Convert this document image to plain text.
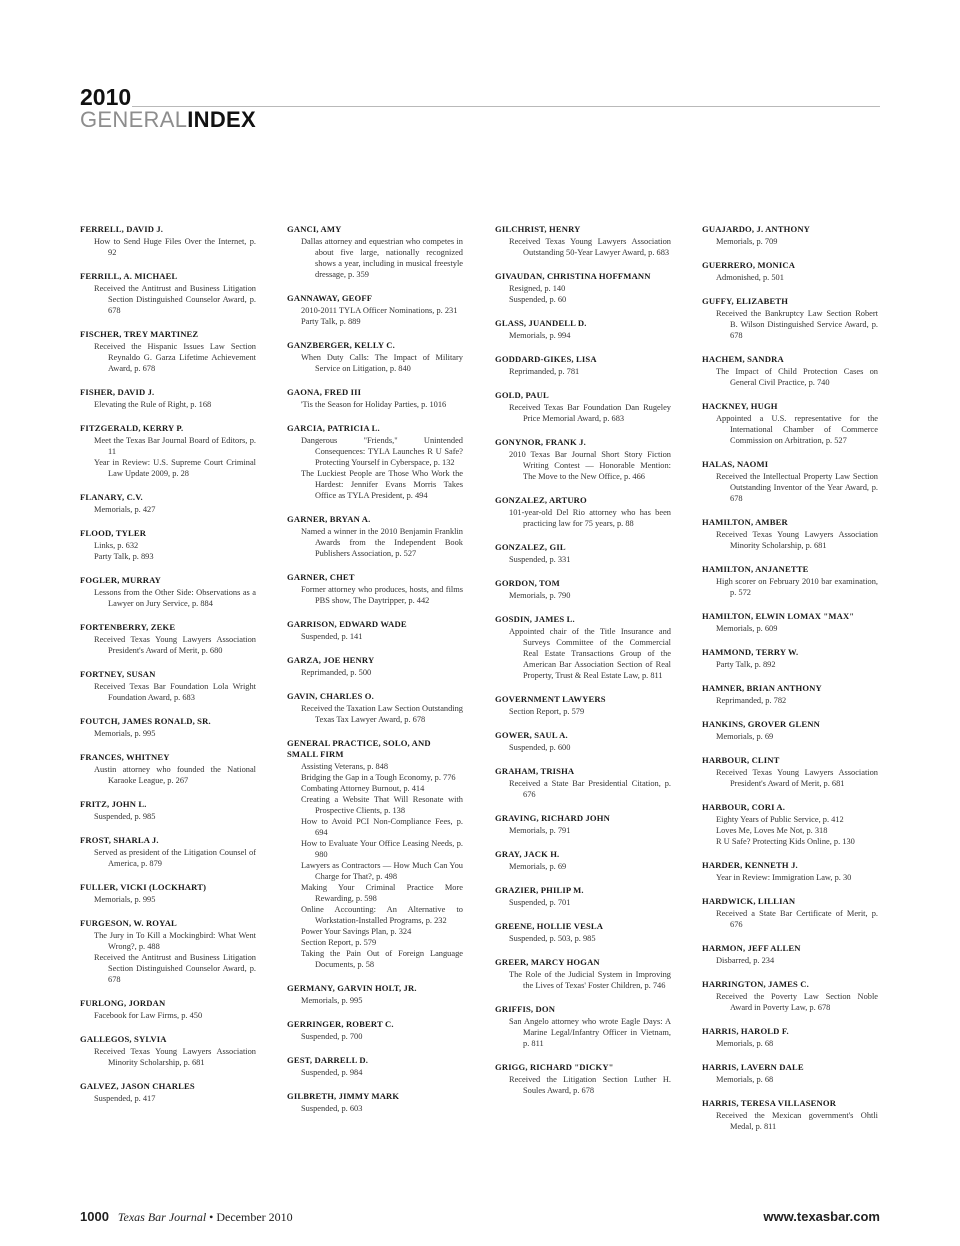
2010
GENERALINDEX
FERRELL, DAVID J.
How to Send Huge Files Over the Internet, p. 92
FERRILL, A. MICHAEL
Received the Antitrust and Business Litigation Section Distinguished Counselor Award, p. 678
FISCHER, TREY MARTINEZ
Received the Hispanic Issues Law Section Reynaldo G. Garza Lifetime Achievement Award, p. 678
FISHER, DAVID J.
Elevating the Rule of Right, p. 168
FITZGERALD, KERRY P.
Meet the Texas Bar Journal Board of Editors, p. 11
Year in Review: U.S. Supreme Court Criminal Law Update 2009, p. 28
FLANARY, C.V.
Memorials, p. 427
FLOOD, TYLER
Links, p. 632
Party Talk, p. 893
FOGLER, MURRAY
Lessons from the Other Side: Observations as a Lawyer on Jury Service, p. 884
FORTENBERRY, ZEKE
Received Texas Young Lawyers Association President's Award of Merit, p. 680
FORTNEY, SUSAN
Received Texas Bar Foundation Lola Wright Foundation Award, p. 683
FOUTCH, JAMES RONALD, SR.
Memorials, p. 995
FRANCES, WHITNEY
Austin attorney who founded the National Karaoke League, p. 267
FRITZ, JOHN L.
Suspended, p. 985
FROST, SHARLA J.
Served as president of the Litigation Counsel of America, p. 879
FULLER, VICKI (LOCKHART)
Memorials, p. 995
FURGESON, W. ROYAL
The Jury in To Kill a Mockingbird: What Went Wrong?, p. 488
Received the Antitrust and Business Litigation Section Distinguished Counselor Award, p. 678
FURLONG, JORDAN
Facebook for Law Firms, p. 450
GALLEGOS, SYLVIA
Received Texas Young Lawyers Association Minority Scholarship, p. 681
GALVEZ, JASON CHARLES
Suspended, p. 417
GANCI, AMY
Dallas attorney and equestrian who competes in about five large, nationally recognized shows a year, including in musical freestyle dressage, p. 359
GANNAWAY, GEOFF
2010-2011 TYLA Officer Nominations, p. 231
Party Talk, p. 889
GANZBERGER, KELLY C.
When Duty Calls: The Impact of Military Service on Litigation, p. 840
GAONA, FRED III
'Tis the Season for Holiday Parties, p. 1016
GARCIA, PATRICIA L.
Dangerous "Friends," Unintended Consequences: TYLA Launches R U Safe? Protecting Yourself in Cyberspace, p. 132
The Luckiest People are Those Who Work the Hardest: Jennifer Evans Morris Takes Office as TYLA President, p. 494
GARNER, BRYAN A.
Named a winner in the 2010 Benjamin Franklin Awards from the Independent Book Publishers Association, p. 527
GARNER, CHET
Former attorney who produces, hosts, and films PBS show, The Daytripper, p. 442
GARRISON, EDWARD WADE
Suspended, p. 141
GARZA, JOE HENRY
Reprimanded, p. 500
GAVIN, CHARLES O.
Received the Taxation Law Section Outstanding Texas Tax Lawyer Award, p. 678
GENERAL PRACTICE, SOLO, AND SMALL FIRM
Assisting Veterans, p. 848
Bridging the Gap in a Tough Economy, p. 776
Combating Attorney Burnout, p. 414
Creating a Website That Will Resonate with Prospective Clients, p. 138
How to Avoid PCI Non-Compliance Fees, p. 694
How to Evaluate Your Office Leasing Needs, p. 980
Lawyers as Contractors — How Much Can You Charge for That?, p. 498
Making Your Criminal Practice More Rewarding, p. 598
Online Accounting: An Alternative to Workstation-Installed Programs, p. 232
Power Your Savings Plan, p. 324
Section Report, p. 579
Taking the Pain Out of Foreign Language Documents, p. 58
GERMANY, GARVIN HOLT, JR.
Memorials, p. 995
GERRINGER, ROBERT C.
Suspended, p. 700
GEST, DARRELL D.
Suspended, p. 984
GILBRETH, JIMMY MARK
Suspended, p. 603
GILCHRIST, HENRY
Received Texas Young Lawyers Association Outstanding 50-Year Lawyer Award, p. 683
GIVAUDAN, CHRISTINA HOFFMANN
Resigned, p. 140
Suspended, p. 60
GLASS, JUANDELL D.
Memorials, p. 994
GODDARD-GIKES, LISA
Reprimanded, p. 781
GOLD, PAUL
Received Texas Bar Foundation Dan Rugeley Price Memorial Award, p. 683
GONYNOR, FRANK J.
2010 Texas Bar Journal Short Story Fiction Writing Contest — Honorable Mention: The Move to the New Office, p. 466
GONZALEZ, ARTURO
101-year-old Del Rio attorney who has been practicing law for 75 years, p. 88
GONZALEZ, GIL
Suspended, p. 331
GORDON, TOM
Memorials, p. 790
GOSDIN, JAMES L.
Appointed chair of the Title Insurance and Surveys Committee of the Commercial Real Estate Transactions Group of the American Bar Association Section of Real Property, Trust & Real Estate Law, p. 811
GOVERNMENT LAWYERS
Section Report, p. 579
GOWER, SAUL A.
Suspended, p. 600
GRAHAM, TRISHA
Received a State Bar Presidential Citation, p. 676
GRAVING, RICHARD JOHN
Memorials, p. 791
GRAY, JACK H.
Memorials, p. 69
GRAZIER, PHILIP M.
Suspended, p. 701
GREENE, HOLLIE VESLA
Suspended, p. 503, p. 985
GREER, MARCY HOGAN
The Role of the Judicial System in Improving the Lives of Texas' Foster Children, p. 746
GRIFFIS, DON
San Angelo attorney who wrote Eagle Days: A Marine Legal/Infantry Officer in Vietnam, p. 811
GRIGG, RICHARD "DICKY"
Received the Litigation Section Luther H. Soules Award, p. 678
GUAJARDO, J. ANTHONY
Memorials, p. 709
GUERRERO, MONICA
Admonished, p. 501
GUFFY, ELIZABETH
Received the Bankruptcy Law Section Robert B. Wilson Distinguished Service Award, p. 678
HACHEM, SANDRA
The Impact of Child Protection Cases on General Civil Practice, p. 740
HACKNEY, HUGH
Appointed a U.S. representative for the International Chamber of Commerce Commission on Arbitration, p. 527
HALAS, NAOMI
Received the Intellectual Property Law Section Outstanding Inventor of the Year Award, p. 678
HAMILTON, AMBER
Received Texas Young Lawyers Association Minority Scholarship, p. 681
HAMILTON, ANJANETTE
High scorer on February 2010 bar examination, p. 572
HAMILTON, ELWIN LOMAX "MAX"
Memorials, p. 609
HAMMOND, TERRY W.
Party Talk, p. 892
HAMNER, BRIAN ANTHONY
Reprimanded, p. 782
HANKINS, GROVER GLENN
Memorials, p. 69
HARBOUR, CLINT
Received Texas Young Lawyers Association President's Award of Merit, p. 681
HARBOUR, CORI A.
Eighty Years of Public Service, p. 412
Loves Me, Loves Me Not, p. 318
R U Safe? Protecting Kids Online, p. 130
HARDER, KENNETH J.
Year in Review: Immigration Law, p. 30
HARDWICK, LILLIAN
Received a State Bar Certificate of Merit, p. 676
HARMON, JEFF ALLEN
Disbarred, p. 234
HARRINGTON, JAMES C.
Received the Poverty Law Section Noble Award in Poverty Law, p. 678
HARRIS, HAROLD F.
Memorials, p. 68
HARRIS, LAVERN DALE
Memorials, p. 68
HARRIS, TERESA VILLASENOR
Received the Mexican government's Ohtli Medal, p. 811
1000 Texas Bar Journal • December 2010	www.texasbar.com
